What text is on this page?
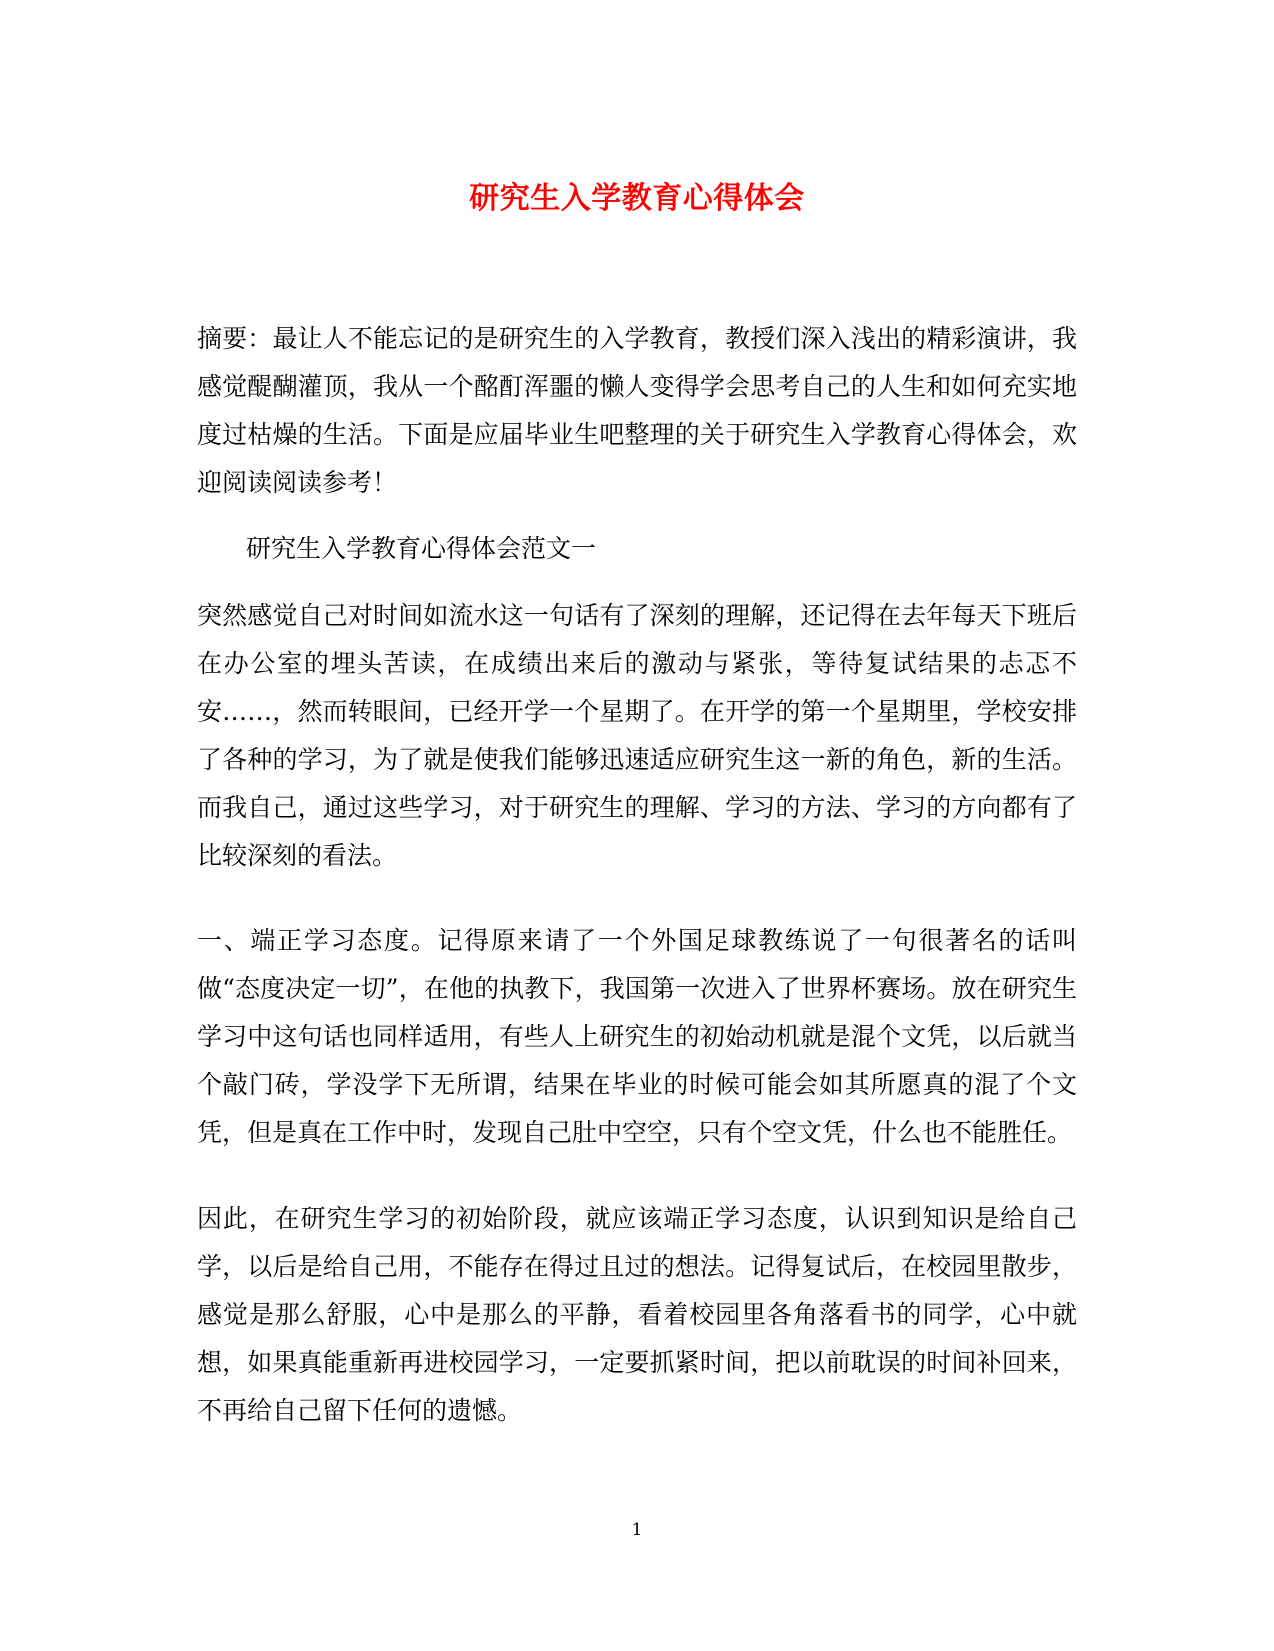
研究生入学教育心得体会
摘要：最让人不能忘记的是研究生的入学教育，教授们深入浅出的精彩演讲，我感觉醍醐灌顶，我从一个酩酊浑噩的懒人变得学会思考自己的人生和如何充实地度过枯燥的生活。下面是应届毕业生吧整理的关于研究生入学教育心得体会，欢迎阅读阅读参考！
研究生入学教育心得体会范文一
突然感觉自己对时间如流水这一句话有了深刻的理解，还记得在去年每天下班后在办公室的埋头苦读，在成绩出来后的激动与紧张，等待复试结果的忐忑不安……，然而转眼间，已经开学一个星期了。在开学的第一个星期里，学校安排了各种的学习，为了就是使我们能够迅速适应研究生这一新的角色，新的生活。而我自己，通过这些学习，对于研究生的理解、学习的方法、学习的方向都有了比较深刻的看法。
一、端正学习态度。记得原来请了一个外国足球教练说了一句很著名的话叫做“态度决定一切”，在他的执教下，我国第一次进入了世界杯赛场。放在研究生学习中这句话也同样适用，有些人上研究生的初始动机就是混个文凭，以后就当个敲门砖，学没学下无所谓，结果在毕业的时候可能会如其所愿真的混了个文凭，但是真在工作中时，发现自己肚中空空，只有个空文凭，什么也不能胜任。
因此，在研究生学习的初始阶段，就应该端正学习态度，认识到知识是给自己学，以后是给自己用，不能存在得过且过的想法。记得复试后，在校园里散步，感觉是那么舒服，心中是那么的平静，看着校园里各角落看书的同学，心中就想，如果真能重新再进校园学习，一定要抓紧时间，把以前耽误的时间补回来，不再给自己留下任何的遗憾。
1
